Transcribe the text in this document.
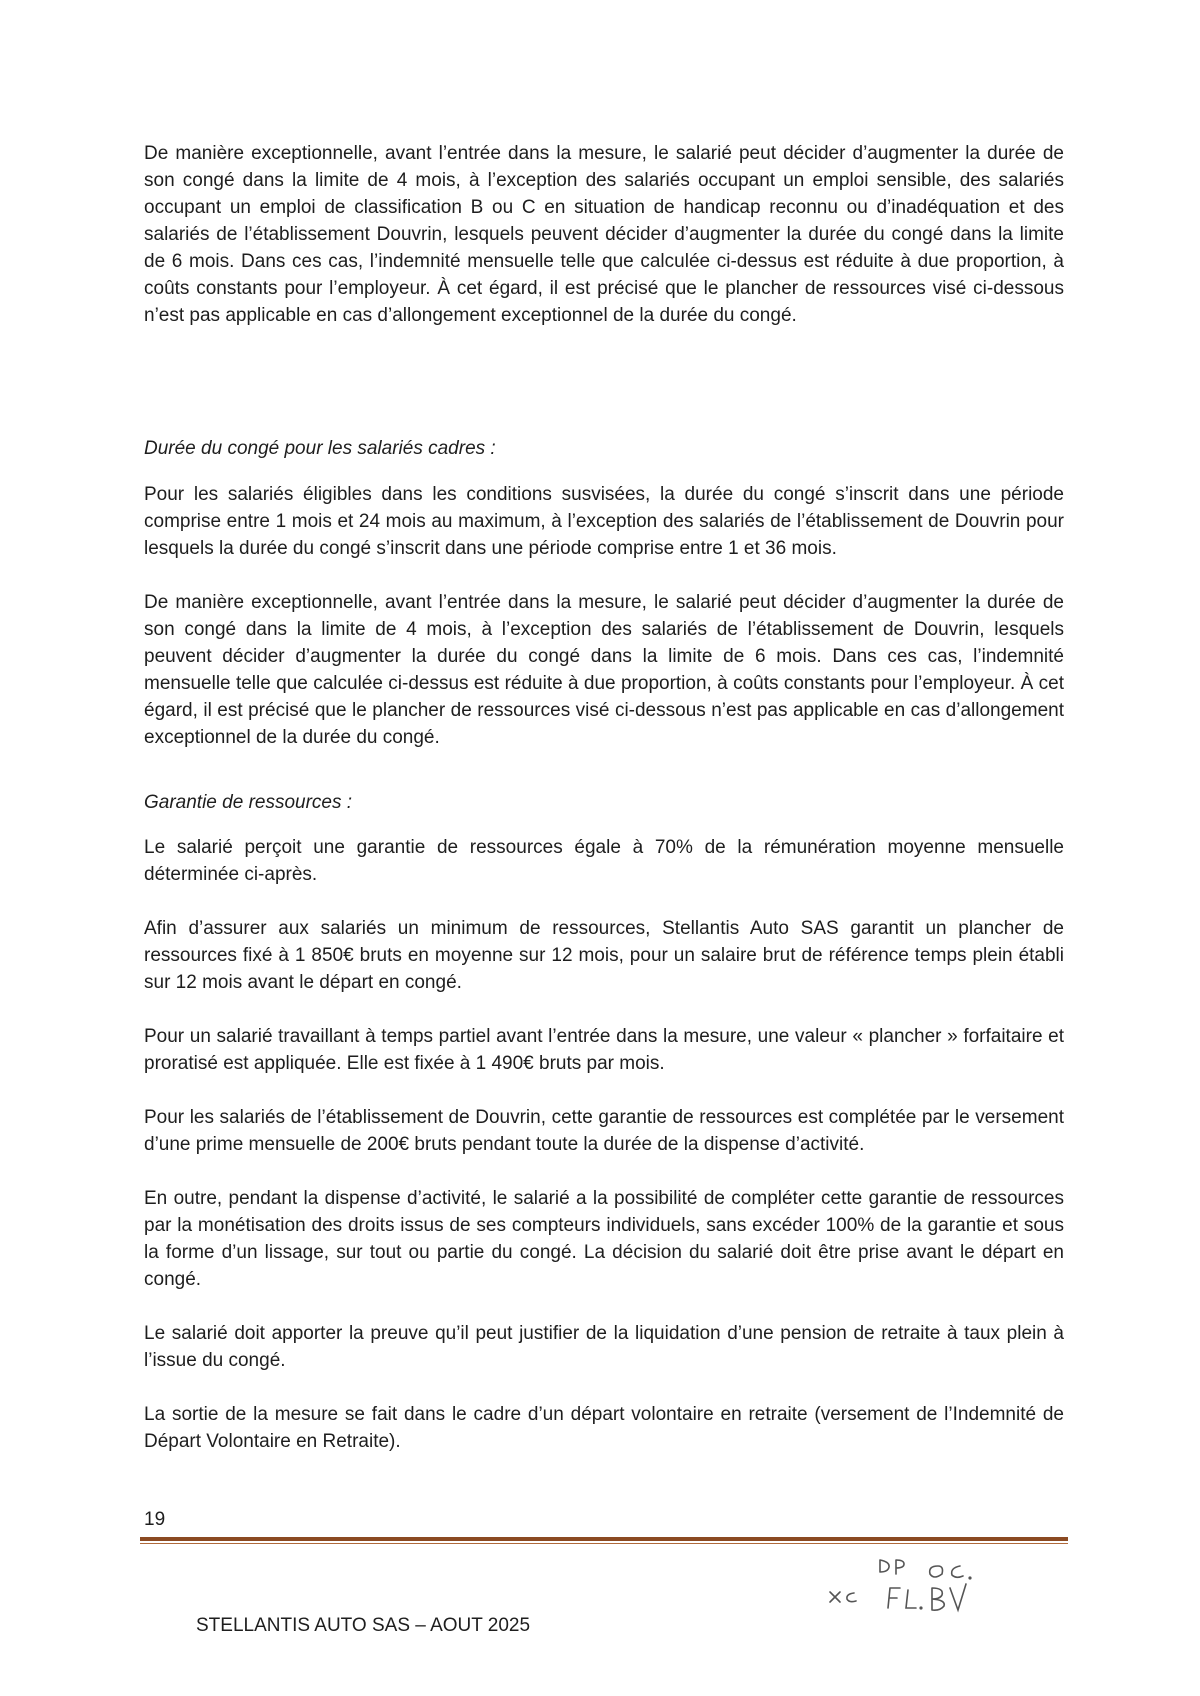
De manière exceptionnelle, avant l’entrée dans la mesure, le salarié peut décider d’augmenter la durée de son congé dans la limite de 4 mois, à l’exception des salariés occupant un emploi sensible, des salariés occupant un emploi de classification B ou C en situation de handicap reconnu ou d’inadéquation et des salariés de l’établissement Douvrin, lesquels peuvent décider d’augmenter la durée du congé dans la limite de 6 mois. Dans ces cas, l’indemnité mensuelle telle que calculée ci-dessus est réduite à due proportion, à coûts constants pour l’employeur. À cet égard, il est précisé que le plancher de ressources visé ci-dessous n’est pas applicable en cas d’allongement exceptionnel de la durée du congé.

Durée du congé pour les salariés cadres :

Pour les salariés éligibles dans les conditions susvisées, la durée du congé s’inscrit dans une période comprise entre 1 mois et 24 mois au maximum, à l’exception des salariés de l’établissement de Douvrin pour lesquels la durée du congé s’inscrit dans une période comprise entre 1 et 36 mois.

De manière exceptionnelle, avant l’entrée dans la mesure, le salarié peut décider d’augmenter la durée de son congé dans la limite de 4 mois, à l’exception des salariés de l’établissement de Douvrin, lesquels peuvent décider d’augmenter la durée du congé dans la limite de 6 mois. Dans ces cas, l’indemnité mensuelle telle que calculée ci-dessus est réduite à due proportion, à coûts constants pour l’employeur. À cet égard, il est précisé que le plancher de ressources visé ci-dessous n’est pas applicable en cas d’allongement exceptionnel de la durée du congé.

Garantie de ressources :

Le salarié perçoit une garantie de ressources égale à 70% de la rémunération moyenne mensuelle déterminée ci-après.

Afin d’assurer aux salariés un minimum de ressources, Stellantis Auto SAS garantit un plancher de ressources fixé à 1 850€ bruts en moyenne sur 12 mois, pour un salaire brut de référence temps plein établi sur 12 mois avant le départ en congé.

Pour un salarié travaillant à temps partiel avant l’entrée dans la mesure, une valeur « plancher » forfaitaire et proratisé est appliquée. Elle est fixée à 1 490€ bruts par mois.

Pour les salariés de l’établissement de Douvrin, cette garantie de ressources est complétée par le versement d’une prime mensuelle de 200€ bruts pendant toute la durée de la dispense d’activité.

En outre, pendant la dispense d’activité, le salarié a la possibilité de compléter cette garantie de ressources par la monétisation des droits issus de ses compteurs individuels, sans excéder 100% de la garantie et sous la forme d’un lissage, sur tout ou partie du congé. La décision du salarié doit être prise avant le départ en congé.

Le salarié doit apporter la preuve qu’il peut justifier de la liquidation d’une pension de retraite à taux plein à l’issue du congé.

La sortie de la mesure se fait dans le cadre d’un départ volontaire en retraite (versement de l’Indemnité de Départ Volontaire en Retraite).

19
STELLANTIS AUTO SAS – AOUT 2025
